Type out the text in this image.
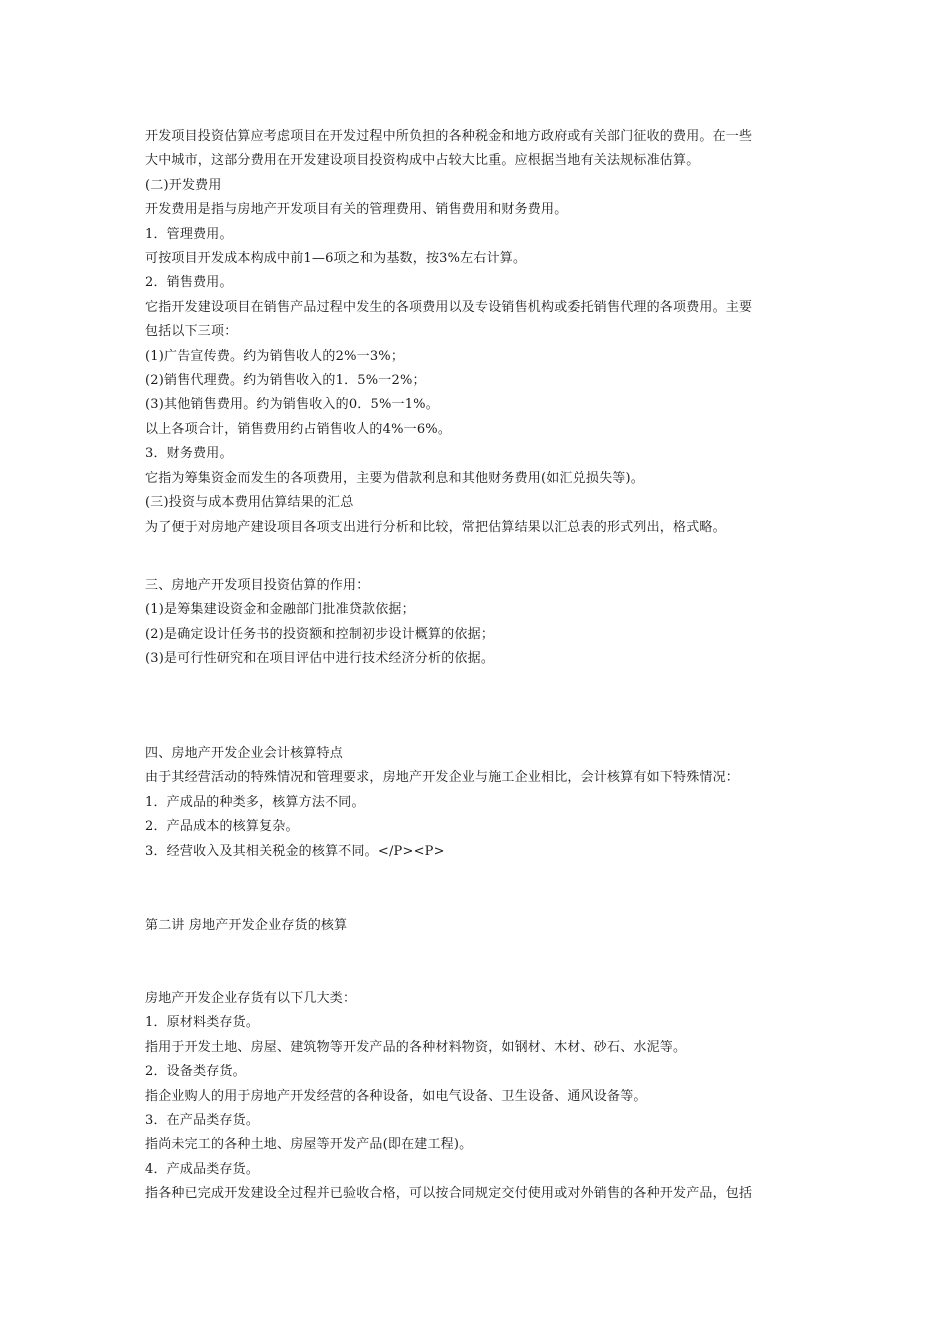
开发项目投资估算应考虑项目在开发过程中所负担的各种税金和地方政府或有关部门征收的费用。在一些
大中城市，这部分费用在开发建设项目投资构成中占较大比重。应根据当地有关法规标准估算。
(二)开发费用
开发费用是指与房地产开发项目有关的管理费用、销售费用和财务费用。
1．管理费用。
可按项目开发成本构成中前1—6项之和为基数，按3%左右计算。
2．销售费用。
它指开发建设项目在销售产品过程中发生的各项费用以及专设销售机构或委托销售代理的各项费用。主要
包括以下三项：
(1)广告宣传费。约为销售收人的2%一3%；
(2)销售代理费。约为销售收入的1．5%一2%；
(3)其他销售费用。约为销售收入的0．5%一1%。
以上各项合计，销售费用约占销售收人的4%一6%。
3．财务费用。
它指为筹集资金而发生的各项费用，主要为借款利息和其他财务费用(如汇兑损失等)。
(三)投资与成本费用估算结果的汇总
为了便于对房地产建设项目各项支出进行分析和比较，常把估算结果以汇总表的形式列出，格式略。
三、房地产开发项目投资估算的作用：
(1)是筹集建设资金和金融部门批准贷款依据；
(2)是确定设计任务书的投资额和控制初步设计概算的依据；
(3)是可行性研究和在项目评估中进行技术经济分析的依据。
四、房地产开发企业会计核算特点
由于其经营活动的特殊情况和管理要求，房地产开发企业与施工企业相比，会计核算有如下特殊情况：
1．产成品的种类多，核算方法不同。
2．产品成本的核算复杂。
3．经营收入及其相关税金的核算不同。</P><P>
第二讲 房地产开发企业存货的核算
房地产开发企业存货有以下几大类：
1．原材料类存货。
指用于开发土地、房屋、建筑物等开发产品的各种材料物资，如钢材、木材、砂石、水泥等。
2．设备类存货。
指企业购人的用于房地产开发经营的各种设备，如电气设备、卫生设备、通风设备等。
3．在产品类存货。
指尚未完工的各种土地、房屋等开发产品(即在建工程)。
4．产成品类存货。
指各种已完成开发建设全过程并已验收合格，可以按合同规定交付使用或对外销售的各种开发产品，包括
